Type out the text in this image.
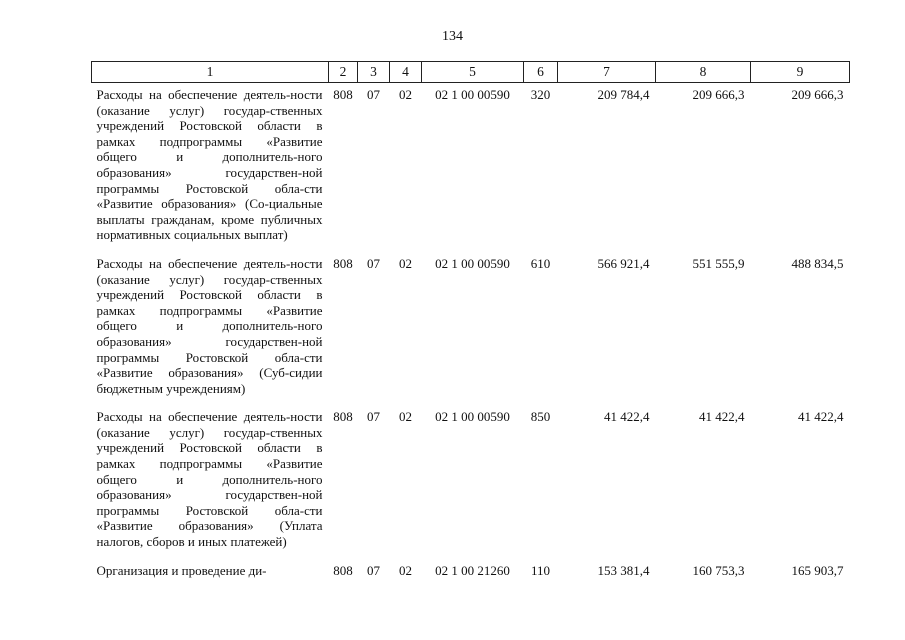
134
1	2	3	4	5	6	7	8	9
Расходы на обеспечение деятель-ности (оказание услуг) государ-ственных учреждений Ростовской области в рамках подпрограммы «Развитие общего и дополнитель-ного образования» государствен-ной программы Ростовской обла-сти «Развитие образования» (Со-циальные выплаты гражданам, кроме публичных нормативных социальных выплат)	808	07	02	02 1 00 00590	320	209 784,4	209 666,3	209 666,3
Расходы на обеспечение деятель-ности (оказание услуг) государ-ственных учреждений Ростовской области в рамках подпрограммы «Развитие общего и дополнитель-ного образования» государствен-ной программы Ростовской обла-сти «Развитие образования» (Суб-сидии бюджетным учреждениям)	808	07	02	02 1 00 00590	610	566 921,4	551 555,9	488 834,5
Расходы на обеспечение деятель-ности (оказание услуг) государ-ственных учреждений Ростовской области в рамках подпрограммы «Развитие общего и дополнитель-ного образования» государствен-ной программы Ростовской обла-сти «Развитие образования» (Уплата налогов, сборов и иных платежей)	808	07	02	02 1 00 00590	850	41 422,4	41 422,4	41 422,4
Организация и проведение ди-	808	07	02	02 1 00 21260	110	153 381,4	160 753,3	165 903,7
